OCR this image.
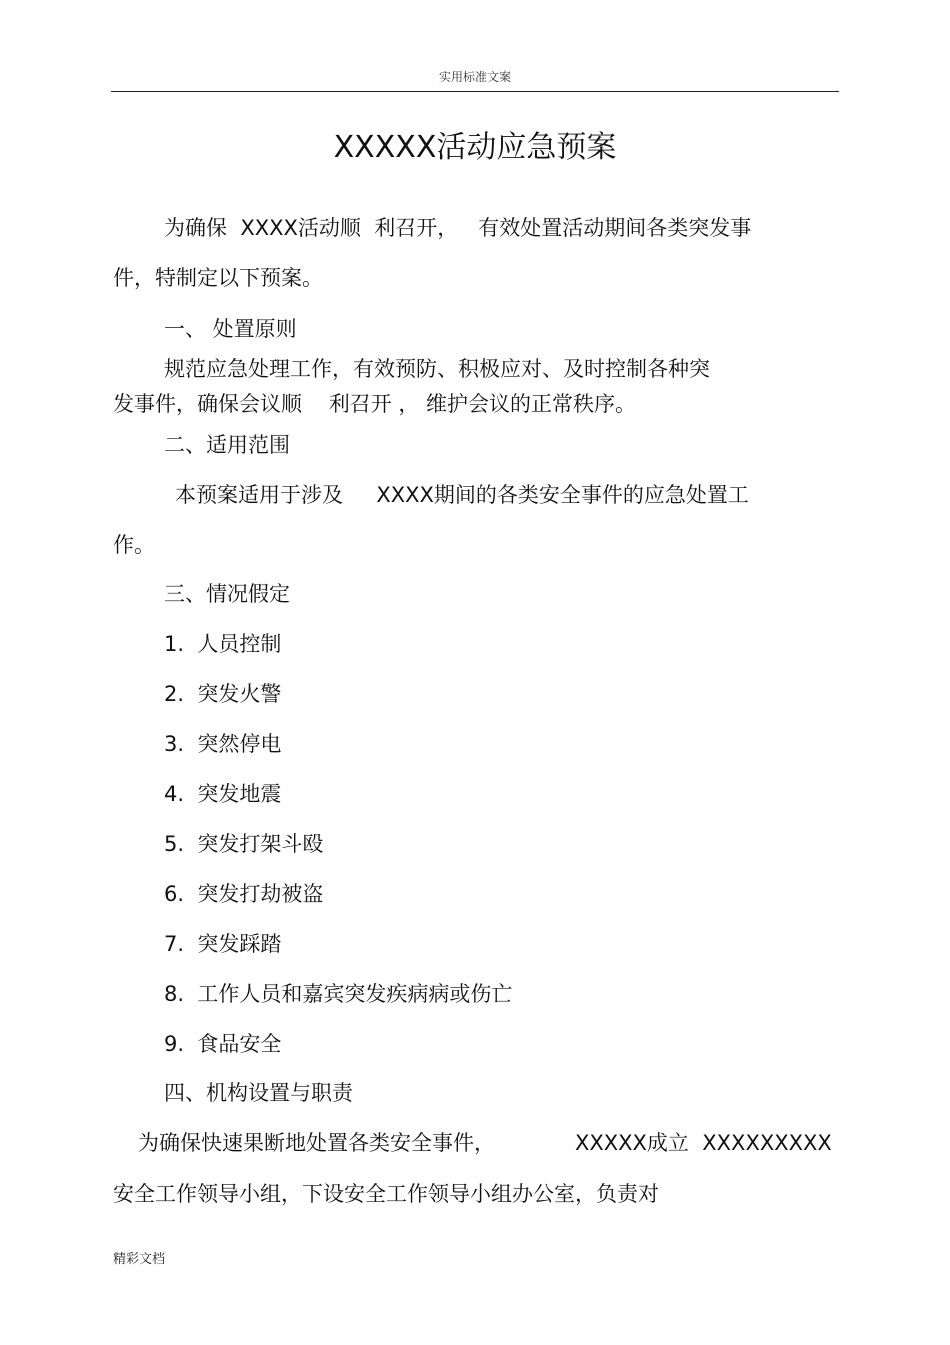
实用标准文案
XXXXX活动应急预案
为确保  XXXX活动顺  利召开，   有效处置活动期间各类突发事
件，特制定以下预案。
一、 处置原则
规范应急处理工作，有效预防、积极应对、及时控制各种突
发事件，确保会议顺    利召开 ， 维护会议的正常秩序。
二、适用范围
本预案适用于涉及     XXXX期间的各类安全事件的应急处置工
作。
三、情况假定
1.  人员控制
2.  突发火警
3.  突然停电
4.  突发地震
5.  突发打架斗殴
6.  突发打劫被盗
7.  突发踩踏
8.  工作人员和嘉宾突发疾病病或伤亡
9.  食品安全
四、机构设置与职责
为确保快速果断地处置各类安全事件，	XXXXX成立  XXXXXXXXX
安全工作领导小组，下设安全工作领导小组办公室，负责对
精彩文档
